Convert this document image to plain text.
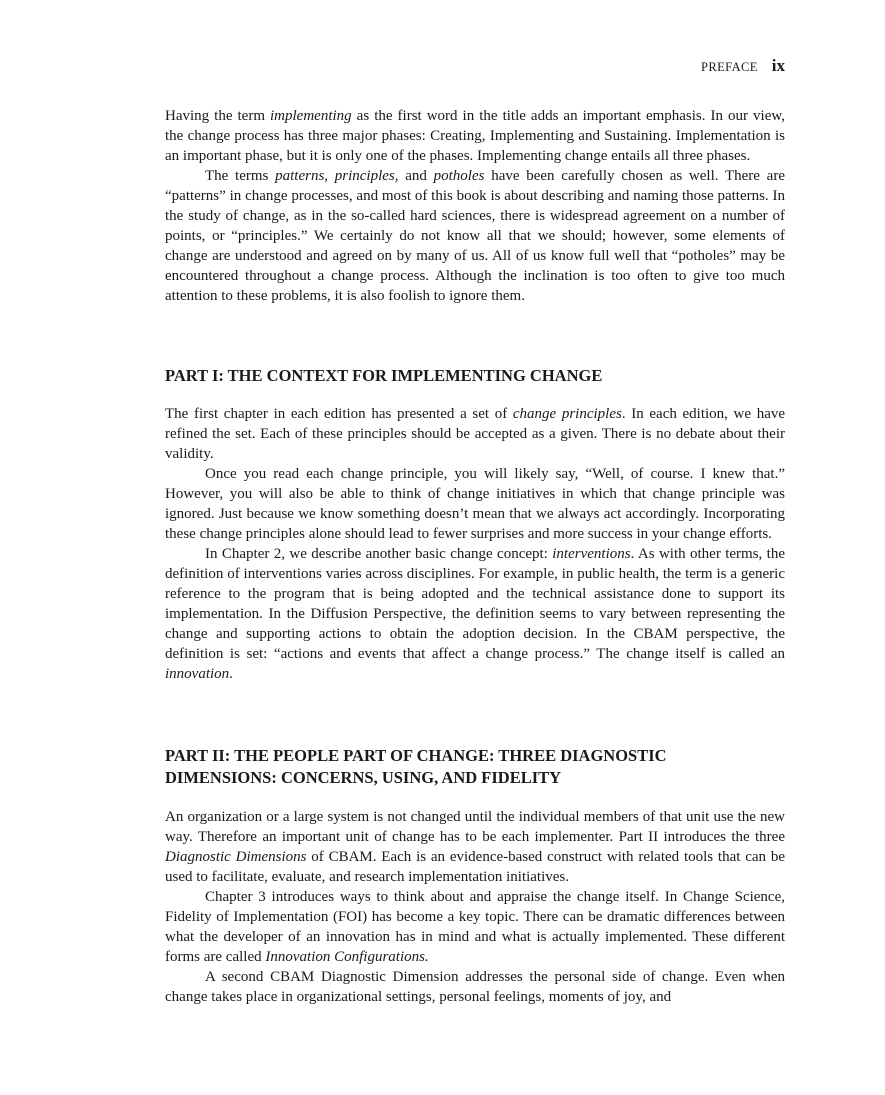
PREFACE ix

Having the term implementing as the first word in the title adds an important emphasis. In our view, the change process has three major phases: Creating, Implementing and Sustaining. Implementation is an important phase, but it is only one of the phases. Implementing change entails all three phases.

The terms patterns, principles, and potholes have been carefully chosen as well. There are “patterns” in change processes, and most of this book is about describing and naming those patterns. In the study of change, as in the so-called hard sciences, there is widespread agreement on a number of points, or “principles.” We certainly do not know all that we should; however, some elements of change are understood and agreed on by many of us. All of us know full well that “potholes” may be encountered throughout a change process. Although the inclination is too often to give too much attention to these problems, it is also foolish to ignore them.

PART I: THE CONTEXT FOR IMPLEMENTING CHANGE

The first chapter in each edition has presented a set of change principles. In each edition, we have refined the set. Each of these principles should be accepted as a given. There is no debate about their validity.

Once you read each change principle, you will likely say, “Well, of course. I knew that.” However, you will also be able to think of change initiatives in which that change principle was ignored. Just because we know something doesn’t mean that we always act accordingly. Incorporating these change principles alone should lead to fewer surprises and more success in your change efforts.

In Chapter 2, we describe another basic change concept: interventions. As with other terms, the definition of interventions varies across disciplines. For example, in public health, the term is a generic reference to the program that is being adopted and the technical assistance done to support its implementation. In the Diffusion Perspective, the definition seems to vary between representing the change and supporting actions to obtain the adoption decision. In the CBAM perspective, the definition is set: “actions and events that affect a change process.” The change itself is called an innovation.

PART II: THE PEOPLE PART OF CHANGE: THREE DIAGNOSTIC
DIMENSIONS: CONCERNS, USING, AND FIDELITY

An organization or a large system is not changed until the individual members of that unit use the new way. Therefore an important unit of change has to be each implementer. Part II introduces the three Diagnostic Dimensions of CBAM. Each is an evidence-based construct with related tools that can be used to facilitate, evaluate, and research implementation initiatives.

Chapter 3 introduces ways to think about and appraise the change itself. In Change Science, Fidelity of Implementation (FOI) has become a key topic. There can be dramatic differences between what the developer of an innovation has in mind and what is actually implemented. These different forms are called Innovation Configurations.

A second CBAM Diagnostic Dimension addresses the personal side of change. Even when change takes place in organizational settings, personal feelings, moments of joy, and
